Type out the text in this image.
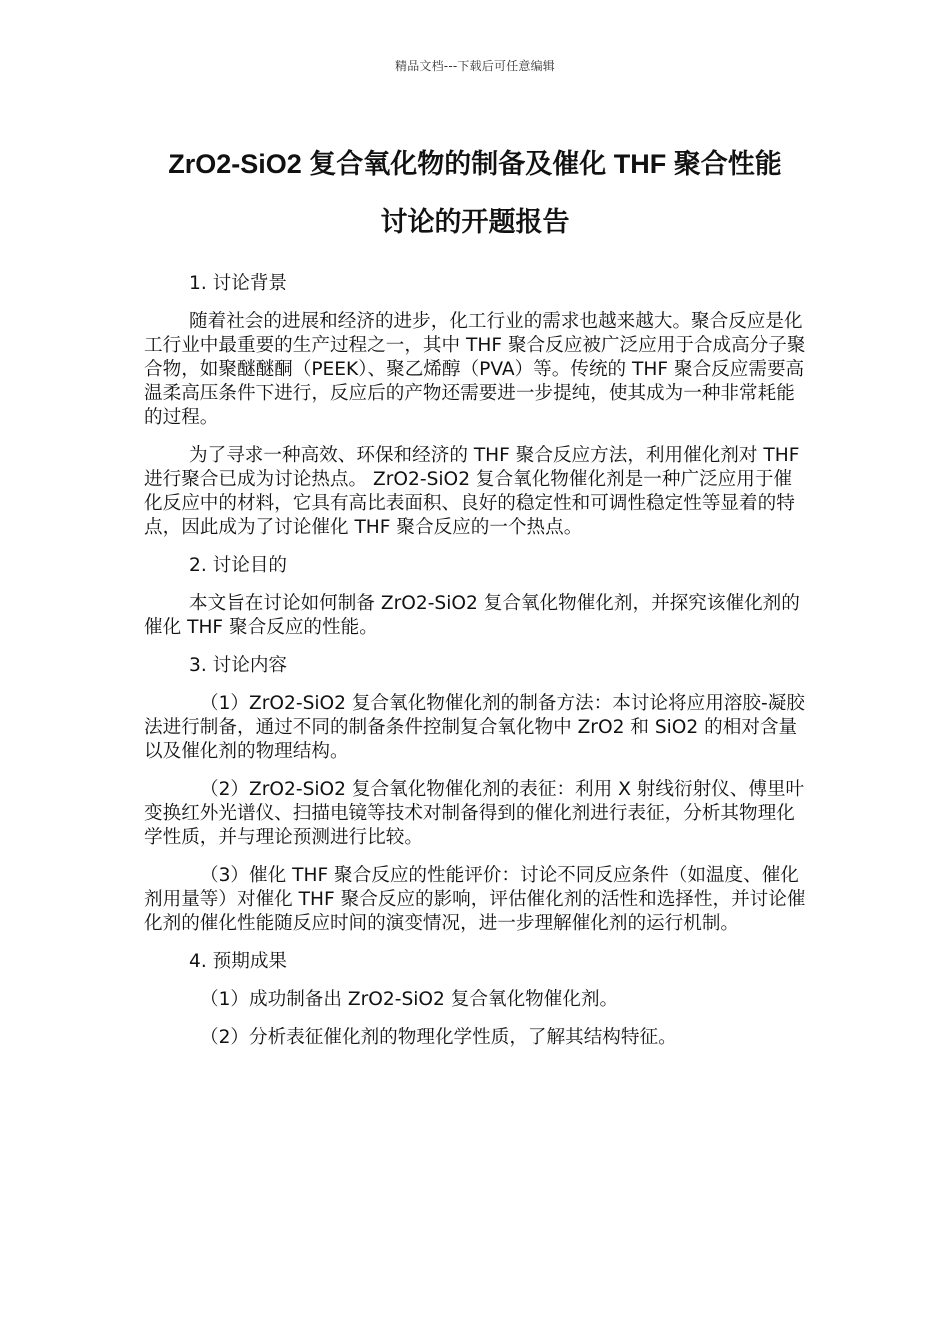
精品文档---下载后可任意编辑
ZrO2-SiO2 复合氧化物的制备及催化 THF 聚合性能
讨论的开题报告
1. 讨论背景
随着社会的进展和经济的进步，化工行业的需求也越来越大。聚合反应是化工行业中最重要的生产过程之一，其中 THF 聚合反应被广泛应用于合成高分子聚合物，如聚醚醚酮（PEEK）、聚乙烯醇（PVA）等。传统的 THF 聚合反应需要高温柔高压条件下进行，反应后的产物还需要进一步提纯，使其成为一种非常耗能的过程。
为了寻求一种高效、环保和经济的 THF 聚合反应方法，利用催化剂对 THF 进行聚合已成为讨论热点。 ZrO2-SiO2 复合氧化物催化剂是一种广泛应用于催化反应中的材料，它具有高比表面积、良好的稳定性和可调性稳定性等显着的特点，因此成为了讨论催化 THF 聚合反应的一个热点。
2. 讨论目的
本文旨在讨论如何制备 ZrO2-SiO2 复合氧化物催化剂，并探究该催化剂的催化 THF 聚合反应的性能。
3. 讨论内容
（1）ZrO2-SiO2 复合氧化物催化剂的制备方法：本讨论将应用溶胶-凝胶法进行制备，通过不同的制备条件控制复合氧化物中 ZrO2 和 SiO2 的相对含量以及催化剂的物理结构。
（2）ZrO2-SiO2 复合氧化物催化剂的表征：利用 X 射线衍射仪、傅里叶变换红外光谱仪、扫描电镜等技术对制备得到的催化剂进行表征，分析其物理化学性质，并与理论预测进行比较。
（3）催化 THF 聚合反应的性能评价：讨论不同反应条件（如温度、催化剂用量等）对催化 THF 聚合反应的影响，评估催化剂的活性和选择性，并讨论催化剂的催化性能随反应时间的演变情况，进一步理解催化剂的运行机制。
4. 预期成果
（1）成功制备出 ZrO2-SiO2 复合氧化物催化剂。
（2）分析表征催化剂的物理化学性质，了解其结构特征。
